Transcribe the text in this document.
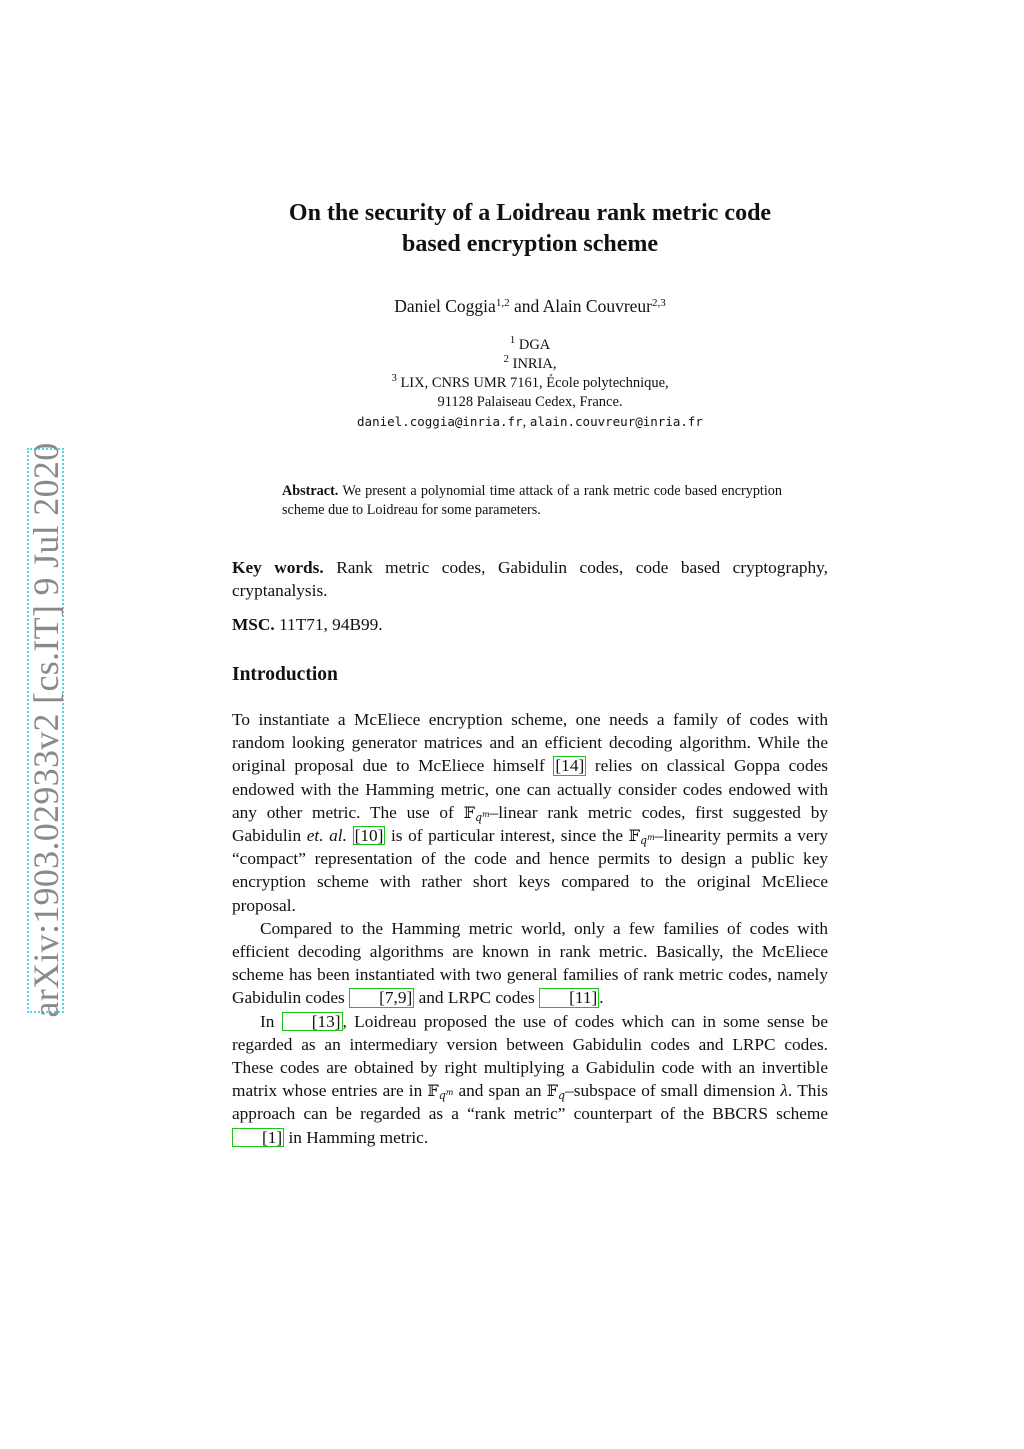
arXiv:1903.02933v2 [cs.IT] 9 Jul 2020
On the security of a Loidreau rank metric code
based encryption scheme
Daniel Coggia$^{1,2}$ and Alain Couvreur$^{2,3}$
$^1$ DGA
$^2$ INRIA,
$^3$ LIX, CNRS UMR 7161, École polytechnique,
91128 Palaiseau Cedex, France.
daniel.coggia@inria.fr, alain.couvreur@inria.fr
Abstract. We present a polynomial time attack of a rank metric code based encryption scheme due to Loidreau for some parameters.
Key words. Rank metric codes, Gabidulin codes, code based cryptography, cryptanalysis.
MSC. 11T71, 94B99.
Introduction

To instantiate a McEliece encryption scheme, one needs a family of codes with random looking generator matrices and an efficient decoding algorithm. While the original proposal due to McEliece himself [14] relies on classical Goppa codes endowed with the Hamming metric, one can actually consider codes endowed with any other metric. The use of 𝔽$_{q^m}$–linear rank metric codes, first suggested by Gabidulin et. al. [10] is of particular interest, since the 𝔽$_{q^m}$–linearity permits a very “compact” representation of the code and hence permits to design a public key encryption scheme with rather short keys compared to the original McEliece proposal.

Compared to the Hamming metric world, only a few families of codes with efficient decoding algorithms are known in rank metric. Basically, the McEliece scheme has been instantiated with two general families of rank metric codes, namely Gabidulin codes [7,9] and LRPC codes [11] .

In [13] , Loidreau proposed the use of codes which can in some sense be regarded as an intermediary version between Gabidulin codes and LRPC codes. These codes are obtained by right multiplying a Gabidulin code with an invertible matrix whose entries are in 𝔽$_{q^m}$ and span an 𝔽$_q$–subspace of small dimension λ. This approach can be regarded as a “rank metric” counterpart of the BBCRS scheme [1] in Hamming metric.
